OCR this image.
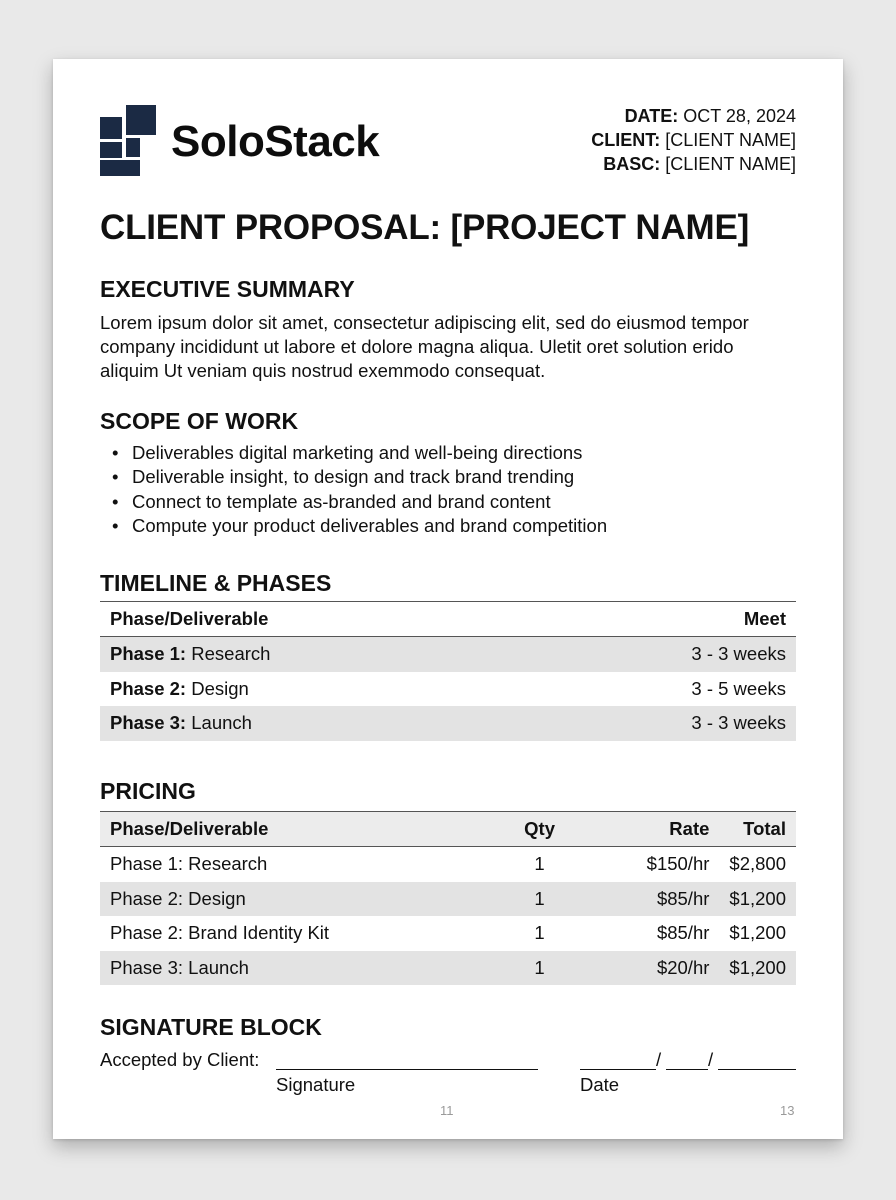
SoloStack
DATE: OCT 28, 2024
CLIENT: [CLIENT NAME]
BASC: [CLIENT NAME]
CLIENT PROPOSAL: [PROJECT NAME]
EXECUTIVE SUMMARY
Lorem ipsum dolor sit amet, consectetur adipiscing elit, sed do eiusmod tempor
company incididunt ut labore et dolore magna aliqua. Uletit oret solution erido
aliquim Ut veniam quis nostrud exemmodo consequat.
SCOPE OF WORK
• Deliverables digital marketing and well-being directions
• Deliverable insight, to design and track brand trending
• Connect to template as-branded and brand content
• Compute your product deliverables and brand competition
TIMELINE & PHASES
Phase/Deliverable	Meet
Phase 1: Research	3 - 3 weeks
Phase 2: Design	3 - 5 weeks
Phase 3: Launch	3 - 3 weeks
PRICING
Phase/Deliverable	Qty	Rate	Total
Phase 1: Research	1	$150/hr	$2,800
Phase 2: Design	1	$85/hr	$1,200
Phase 2: Brand Identity Kit	1	$85/hr	$1,200
Phase 3: Launch	1	$20/hr	$1,200
SIGNATURE BLOCK
Accepted by Client:
Signature
/	/
Date
11	13
